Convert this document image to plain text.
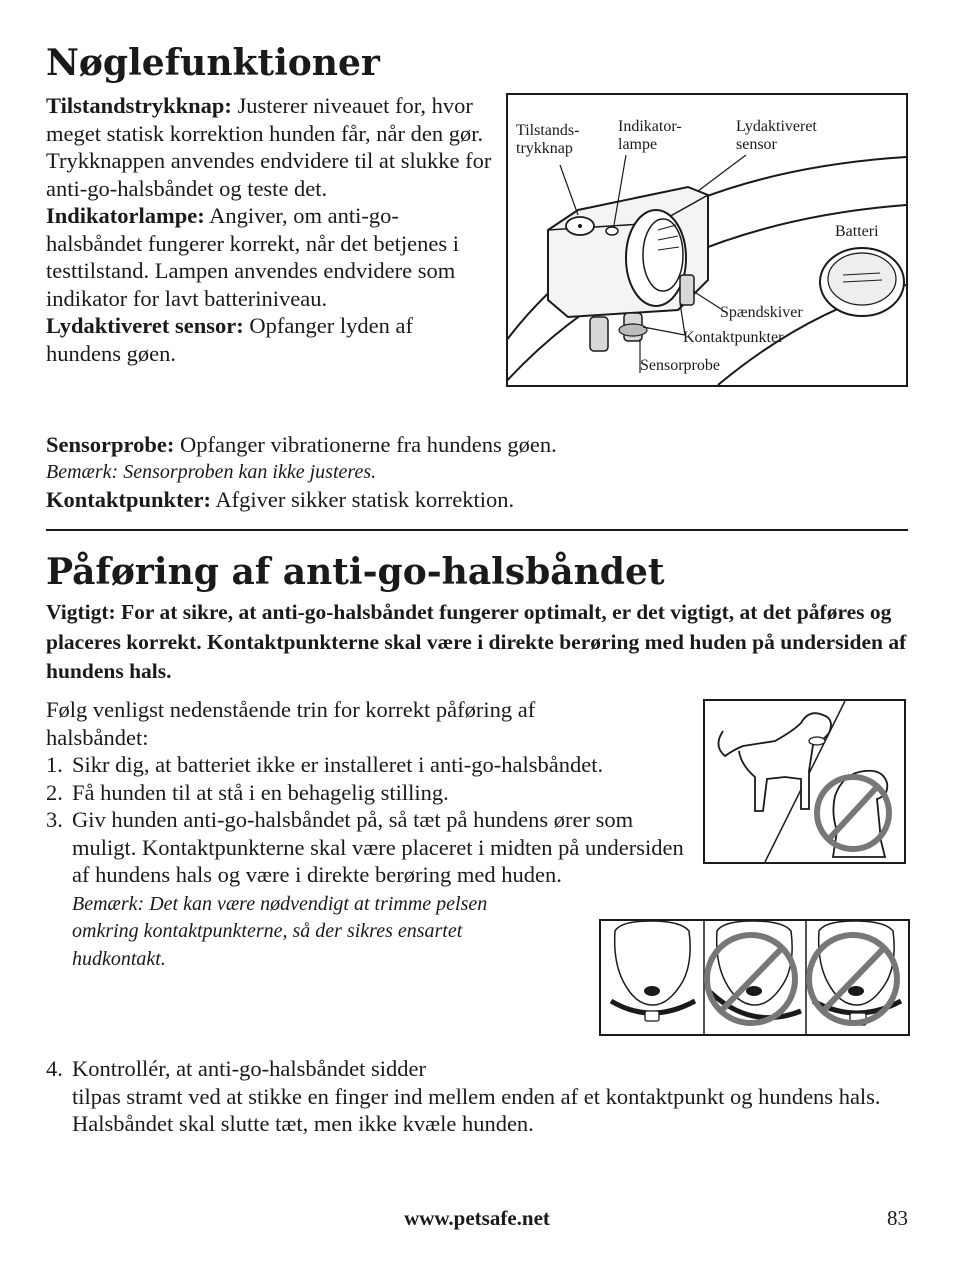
Nøglefunktioner

Tilstandstrykknap: Justerer niveauet for, hvor meget statisk korrektion hunden får, når den gør. Trykknappen anvendes endvidere til at slukke for anti-go-halsbåndet og teste det.

Indikatorlampe: Angiver, om anti-go-halsbåndet fungerer korrekt, når det betjenes i testtilstand. Lampen anvendes endvidere som indikator for lavt batteriniveau.

Lydaktiveret sensor: Opfanger lyden af hundens gøen.

Tilstands-
trykknap
Indikator-
lampe
Lydaktiveret
sensor
Batteri
Spændskiver
Kontaktpunkter
Sensorprobe

Sensorprobe: Opfanger vibrationerne fra hundens gøen.

Bemærk: Sensorproben kan ikke justeres.

Kontaktpunkter: Afgiver sikker statisk korrektion.

Påføring af anti-go-halsbåndet

Vigtigt: For at sikre, at anti-go-halsbåndet fungerer optimalt, er det vigtigt, at det påføres og placeres korrekt. Kontaktpunkterne skal være i direkte berøring med huden på undersiden af hundens hals.

Følg venligst nedenstående trin for korrekt påføring af halsbåndet:

1. Sikr dig, at batteriet ikke er installeret i anti-go-halsbåndet.
2. Få hunden til at stå i en behagelig stilling.
3. Giv hunden anti-go-halsbåndet på, så tæt på hundens ører som muligt. Kontaktpunkterne skal være placeret i midten på undersiden af hundens hals og være i direkte berøring med huden.

Bemærk: Det kan være nødvendigt at trimme pelsen omkring kontaktpunkterne, så der sikres ensartet hudkontakt.

4. Kontrollér, at anti-go-halsbåndet sidder
tilpas stramt ved at stikke en finger ind mellem enden af et kontaktpunkt og hundens hals. Halsbåndet skal slutte tæt, men ikke kvæle hunden.
www.petsafe.net	83
